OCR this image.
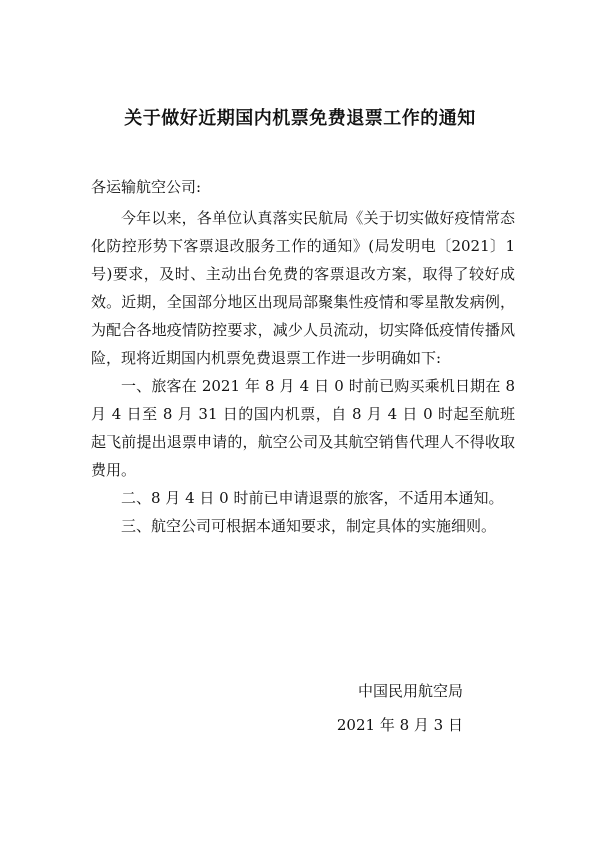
关于做好近期国内机票免费退票工作的通知
各运输航空公司:

今年以来，各单位认真落实民航局《关于切实做好疫情常态化防控形势下客票退改服务工作的通知》(局发明电〔2021〕1号)要求，及时、主动出台免费的客票退改方案，取得了较好成效。近期，全国部分地区出现局部聚集性疫情和零星散发病例，为配合各地疫情防控要求，减少人员流动，切实降低疫情传播风险，现将近期国内机票免费退票工作进一步明确如下:

一、旅客在 2021 年 8 月 4 日 0 时前已购买乘机日期在 8 月 4 日至 8 月 31 日的国内机票，自 8 月 4 日 0 时起至航班起飞前提出退票申请的，航空公司及其航空销售代理人不得收取费用。

二、8 月 4 日 0 时前已申请退票的旅客，不适用本通知。

三、航空公司可根据本通知要求，制定具体的实施细则。

中国民用航空局
2021 年 8 月 3 日
